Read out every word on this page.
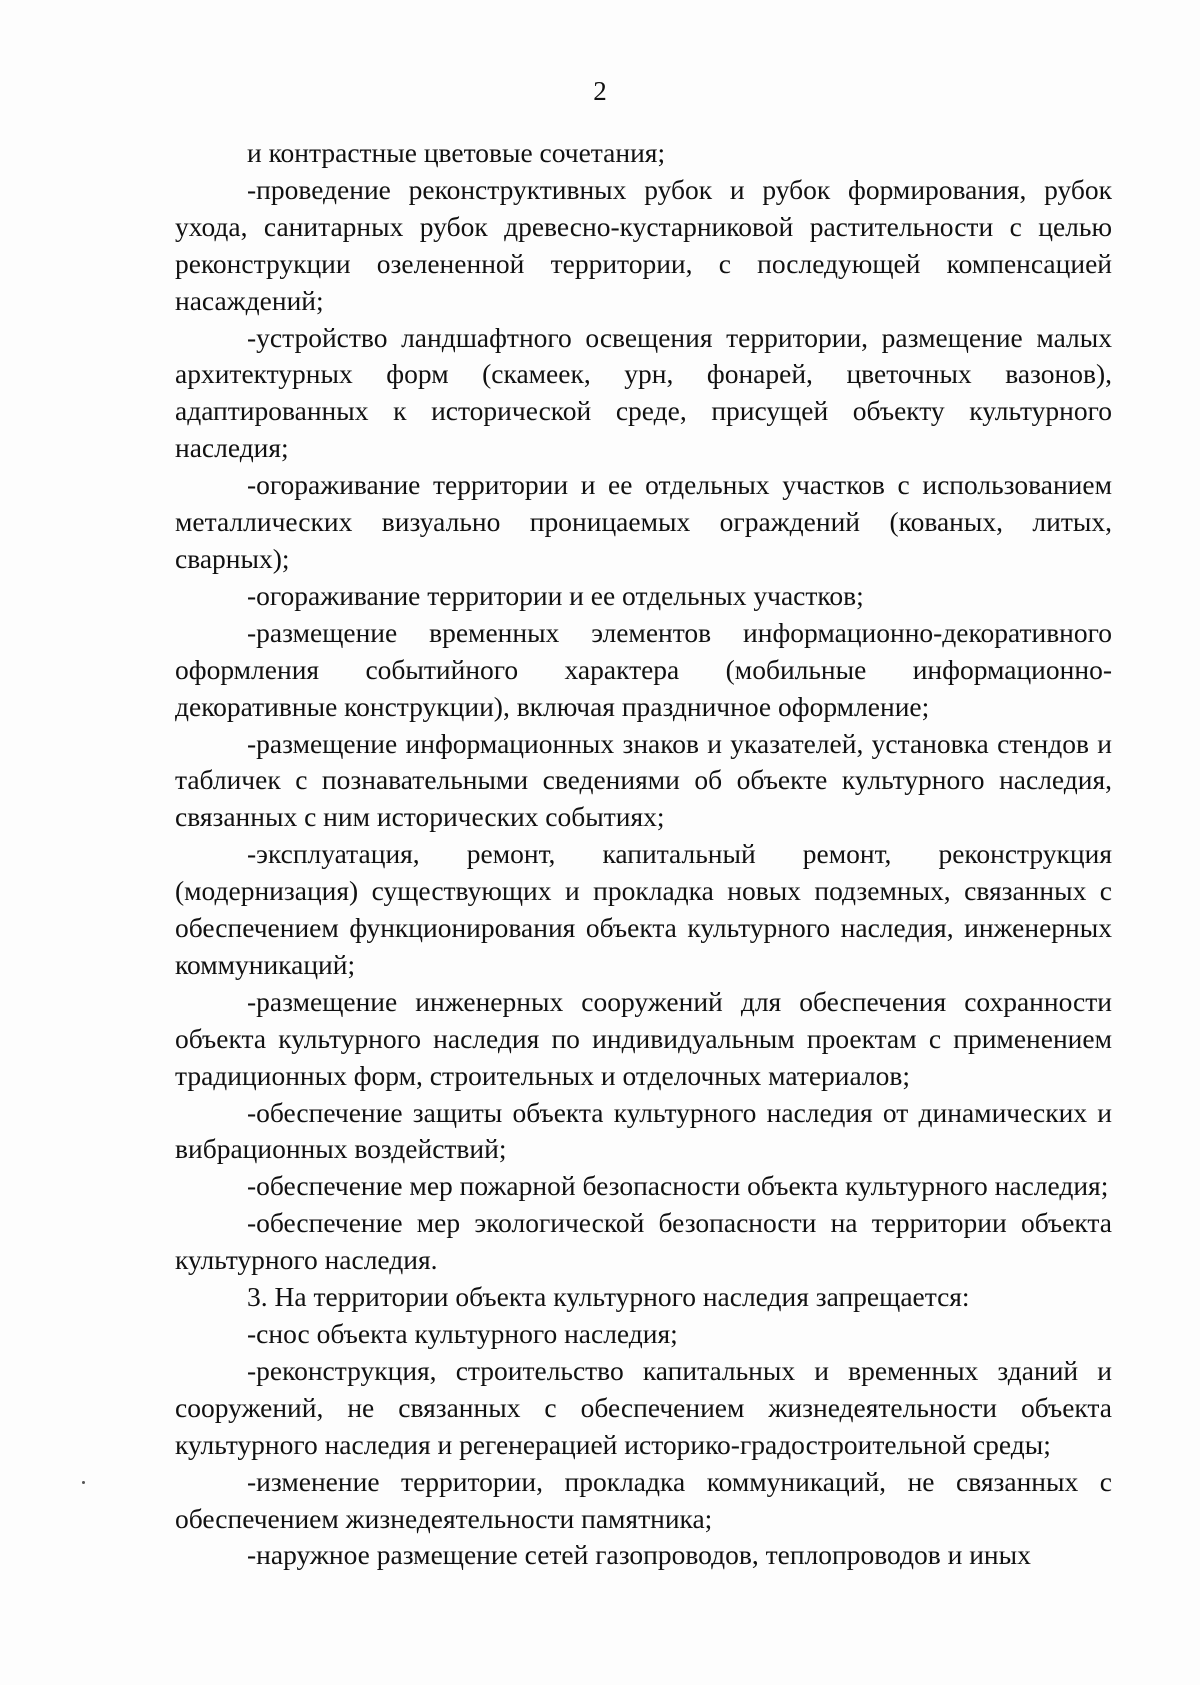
2

и контрастные цветовые сочетания;

-проведение реконструктивных рубок и рубок формирования, рубок ухода, санитарных рубок древесно-кустарниковой растительности с целью реконструкции озелененной территории, с последующей компенсацией насаждений;

-устройство ландшафтного освещения территории, размещение малых архитектурных форм (скамеек, урн, фонарей, цветочных вазонов), адаптированных к исторической среде, присущей объекту культурного наследия;

-огораживание территории и ее отдельных участков с использованием металлических визуально проницаемых ограждений (кованых, литых, сварных);

-огораживание территории и ее отдельных участков;

-размещение временных элементов информационно-декоративного оформления событийного характера (мобильные информационно-декоративные конструкции), включая праздничное оформление;

-размещение информационных знаков и указателей, установка стендов и табличек с познавательными сведениями об объекте культурного наследия, связанных с ним исторических событиях;

-эксплуатация, ремонт, капитальный ремонт, реконструкция (модернизация) существующих и прокладка новых подземных, связанных с обеспечением функционирования объекта культурного наследия, инженерных коммуникаций;

-размещение инженерных сооружений для обеспечения сохранности объекта культурного наследия по индивидуальным проектам с применением традиционных форм, строительных и отделочных материалов;

-обеспечение защиты объекта культурного наследия от динамических и вибрационных воздействий;

-обеспечение мер пожарной безопасности объекта культурного наследия;

-обеспечение мер экологической безопасности на территории объекта культурного наследия.

3. На территории объекта культурного наследия запрещается:

-снос объекта культурного наследия;

-реконструкция, строительство капитальных и временных зданий и сооружений, не связанных с обеспечением жизнедеятельности объекта культурного наследия и регенерацией историко-градостроительной среды;

-изменение территории, прокладка коммуникаций, не связанных с обеспечением жизнедеятельности памятника;

-наружное размещение сетей газопроводов, теплопроводов и иных
